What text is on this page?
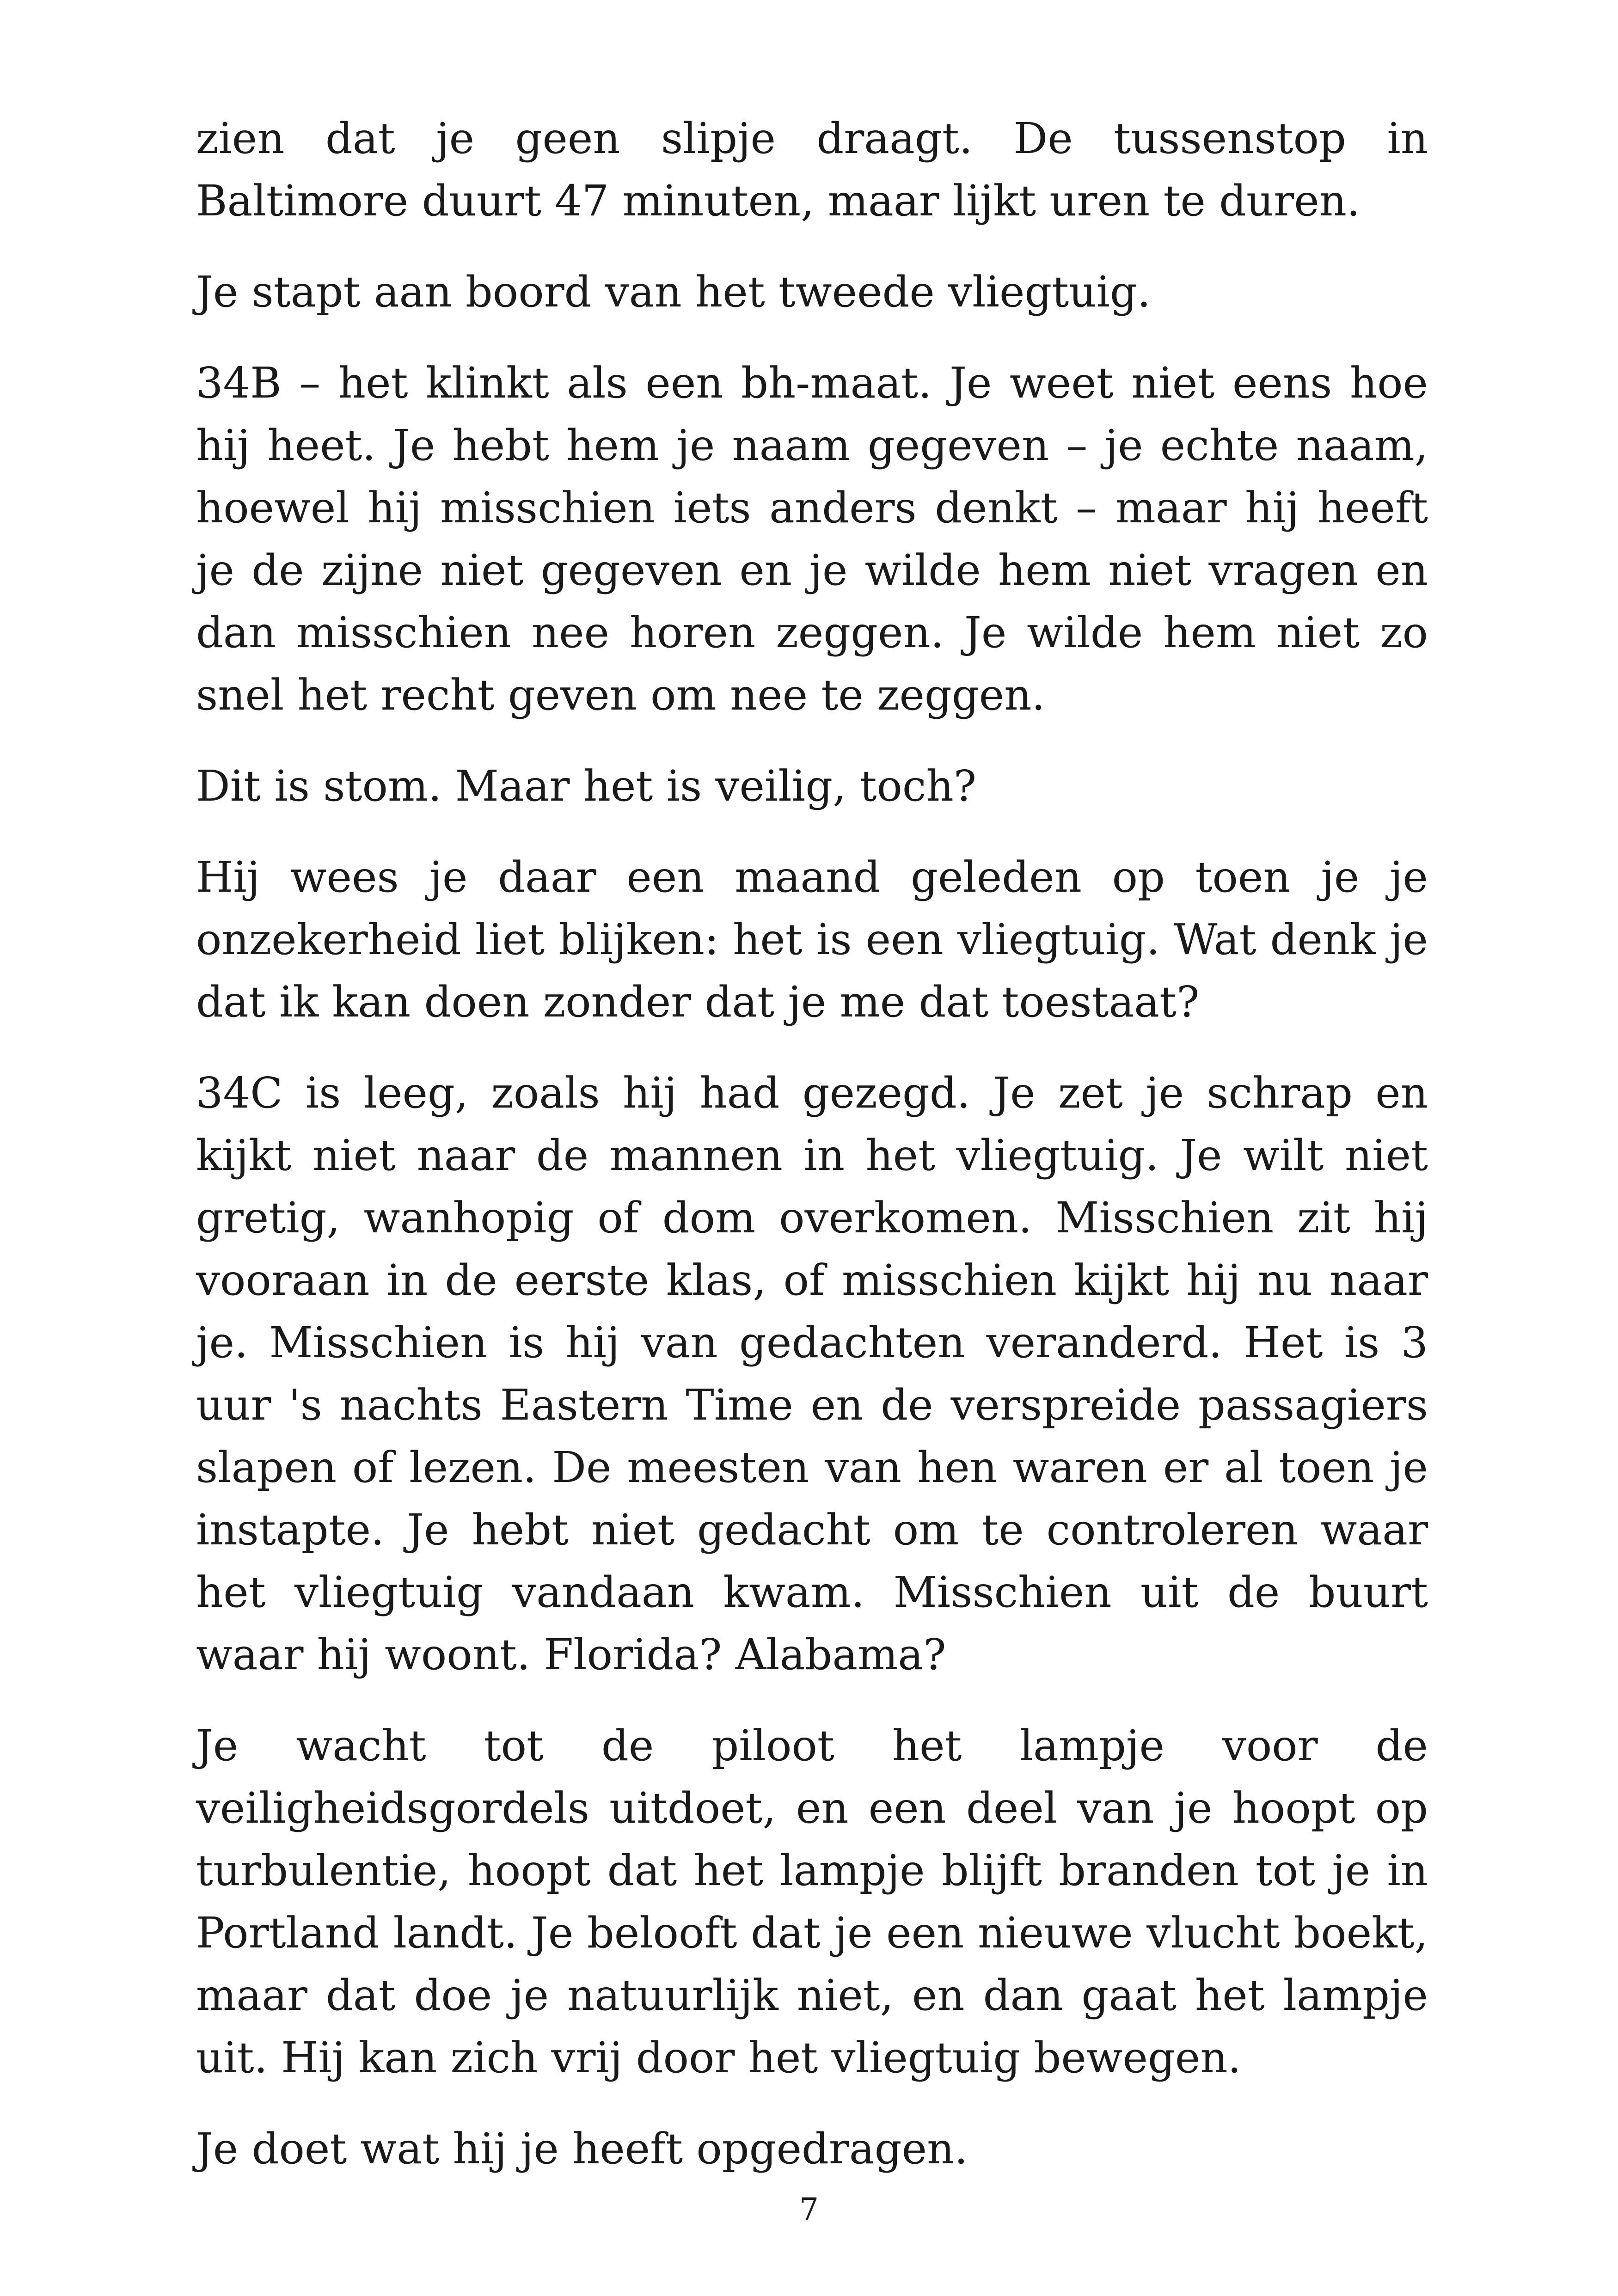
zien dat je geen slipje draagt. De tussenstop in Baltimore duurt 47 minuten, maar lijkt uren te duren.

Je stapt aan boord van het tweede vliegtuig.

34B – het klinkt als een bh-maat. Je weet niet eens hoe hij heet. Je hebt hem je naam gegeven – je echte naam, hoewel hij misschien iets anders denkt – maar hij heeft je de zijne niet gegeven en je wilde hem niet vragen en dan misschien nee horen zeggen. Je wilde hem niet zo snel het recht geven om nee te zeggen.

Dit is stom. Maar het is veilig, toch?

Hij wees je daar een maand geleden op toen je je onzekerheid liet blijken: het is een vliegtuig. Wat denk je dat ik kan doen zonder dat je me dat toestaat?

34C is leeg, zoals hij had gezegd. Je zet je schrap en kijkt niet naar de mannen in het vliegtuig. Je wilt niet gretig, wanhopig of dom overkomen. Misschien zit hij vooraan in de eerste klas, of misschien kijkt hij nu naar je. Misschien is hij van gedachten veranderd. Het is 3 uur 's nachts Eastern Time en de verspreide passagiers slapen of lezen. De meesten van hen waren er al toen je instapte. Je hebt niet gedacht om te controleren waar het vliegtuig vandaan kwam. Misschien uit de buurt waar hij woont. Florida? Alabama?

Je wacht tot de piloot het lampje voor de veiligheidsgordels uitdoet, en een deel van je hoopt op turbulentie, hoopt dat het lampje blijft branden tot je in Portland landt. Je belooft dat je een nieuwe vlucht boekt, maar dat doe je natuurlijk niet, en dan gaat het lampje uit. Hij kan zich vrij door het vliegtuig bewegen.

Je doet wat hij je heeft opgedragen.

7
